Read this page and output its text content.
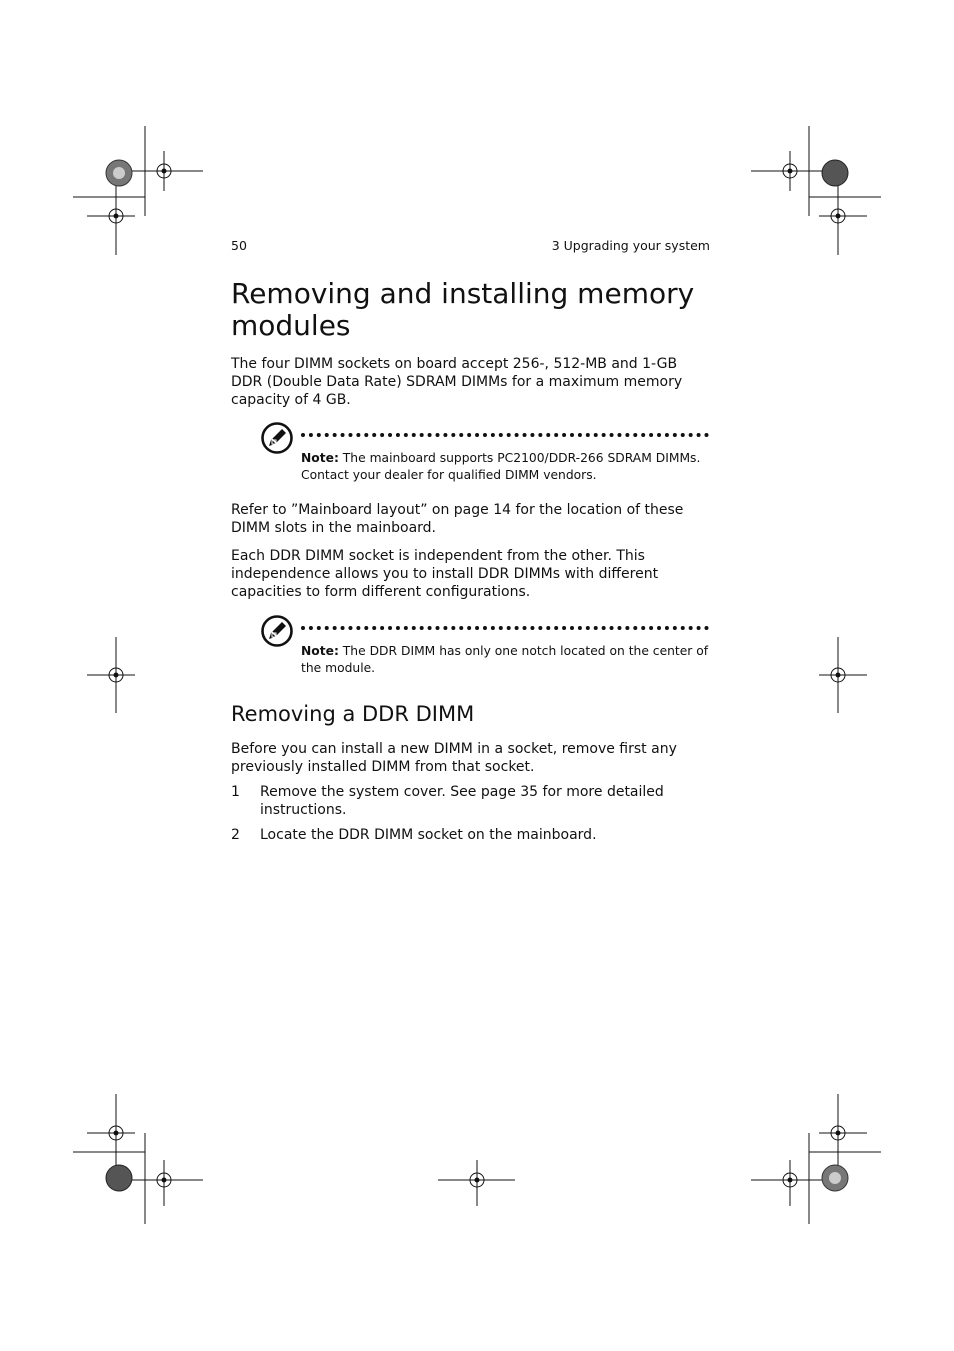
50	3 Upgrading your system
Removing and installing memory modules
The four DIMM sockets on board accept 256-, 512-MB and 1-GB DDR (Double Data Rate) SDRAM DIMMs for a maximum memory capacity of 4 GB.
Note: The mainboard supports PC2100/DDR-266 SDRAM DIMMs. Contact your dealer for qualified DIMM vendors.
Refer to ”Mainboard layout” on page 14 for the location of these DIMM slots in the mainboard.
Each DDR DIMM socket is independent from the other. This independence allows you to install DDR DIMMs with different capacities to form different configurations.
Note: The DDR DIMM has only one notch located on the center of the module.
Removing a DDR DIMM
Before you can install a new DIMM in a socket, remove first any previously installed DIMM from that socket.
1 Remove the system cover. See page 35 for more detailed instructions.
2 Locate the DDR DIMM socket on the mainboard.
